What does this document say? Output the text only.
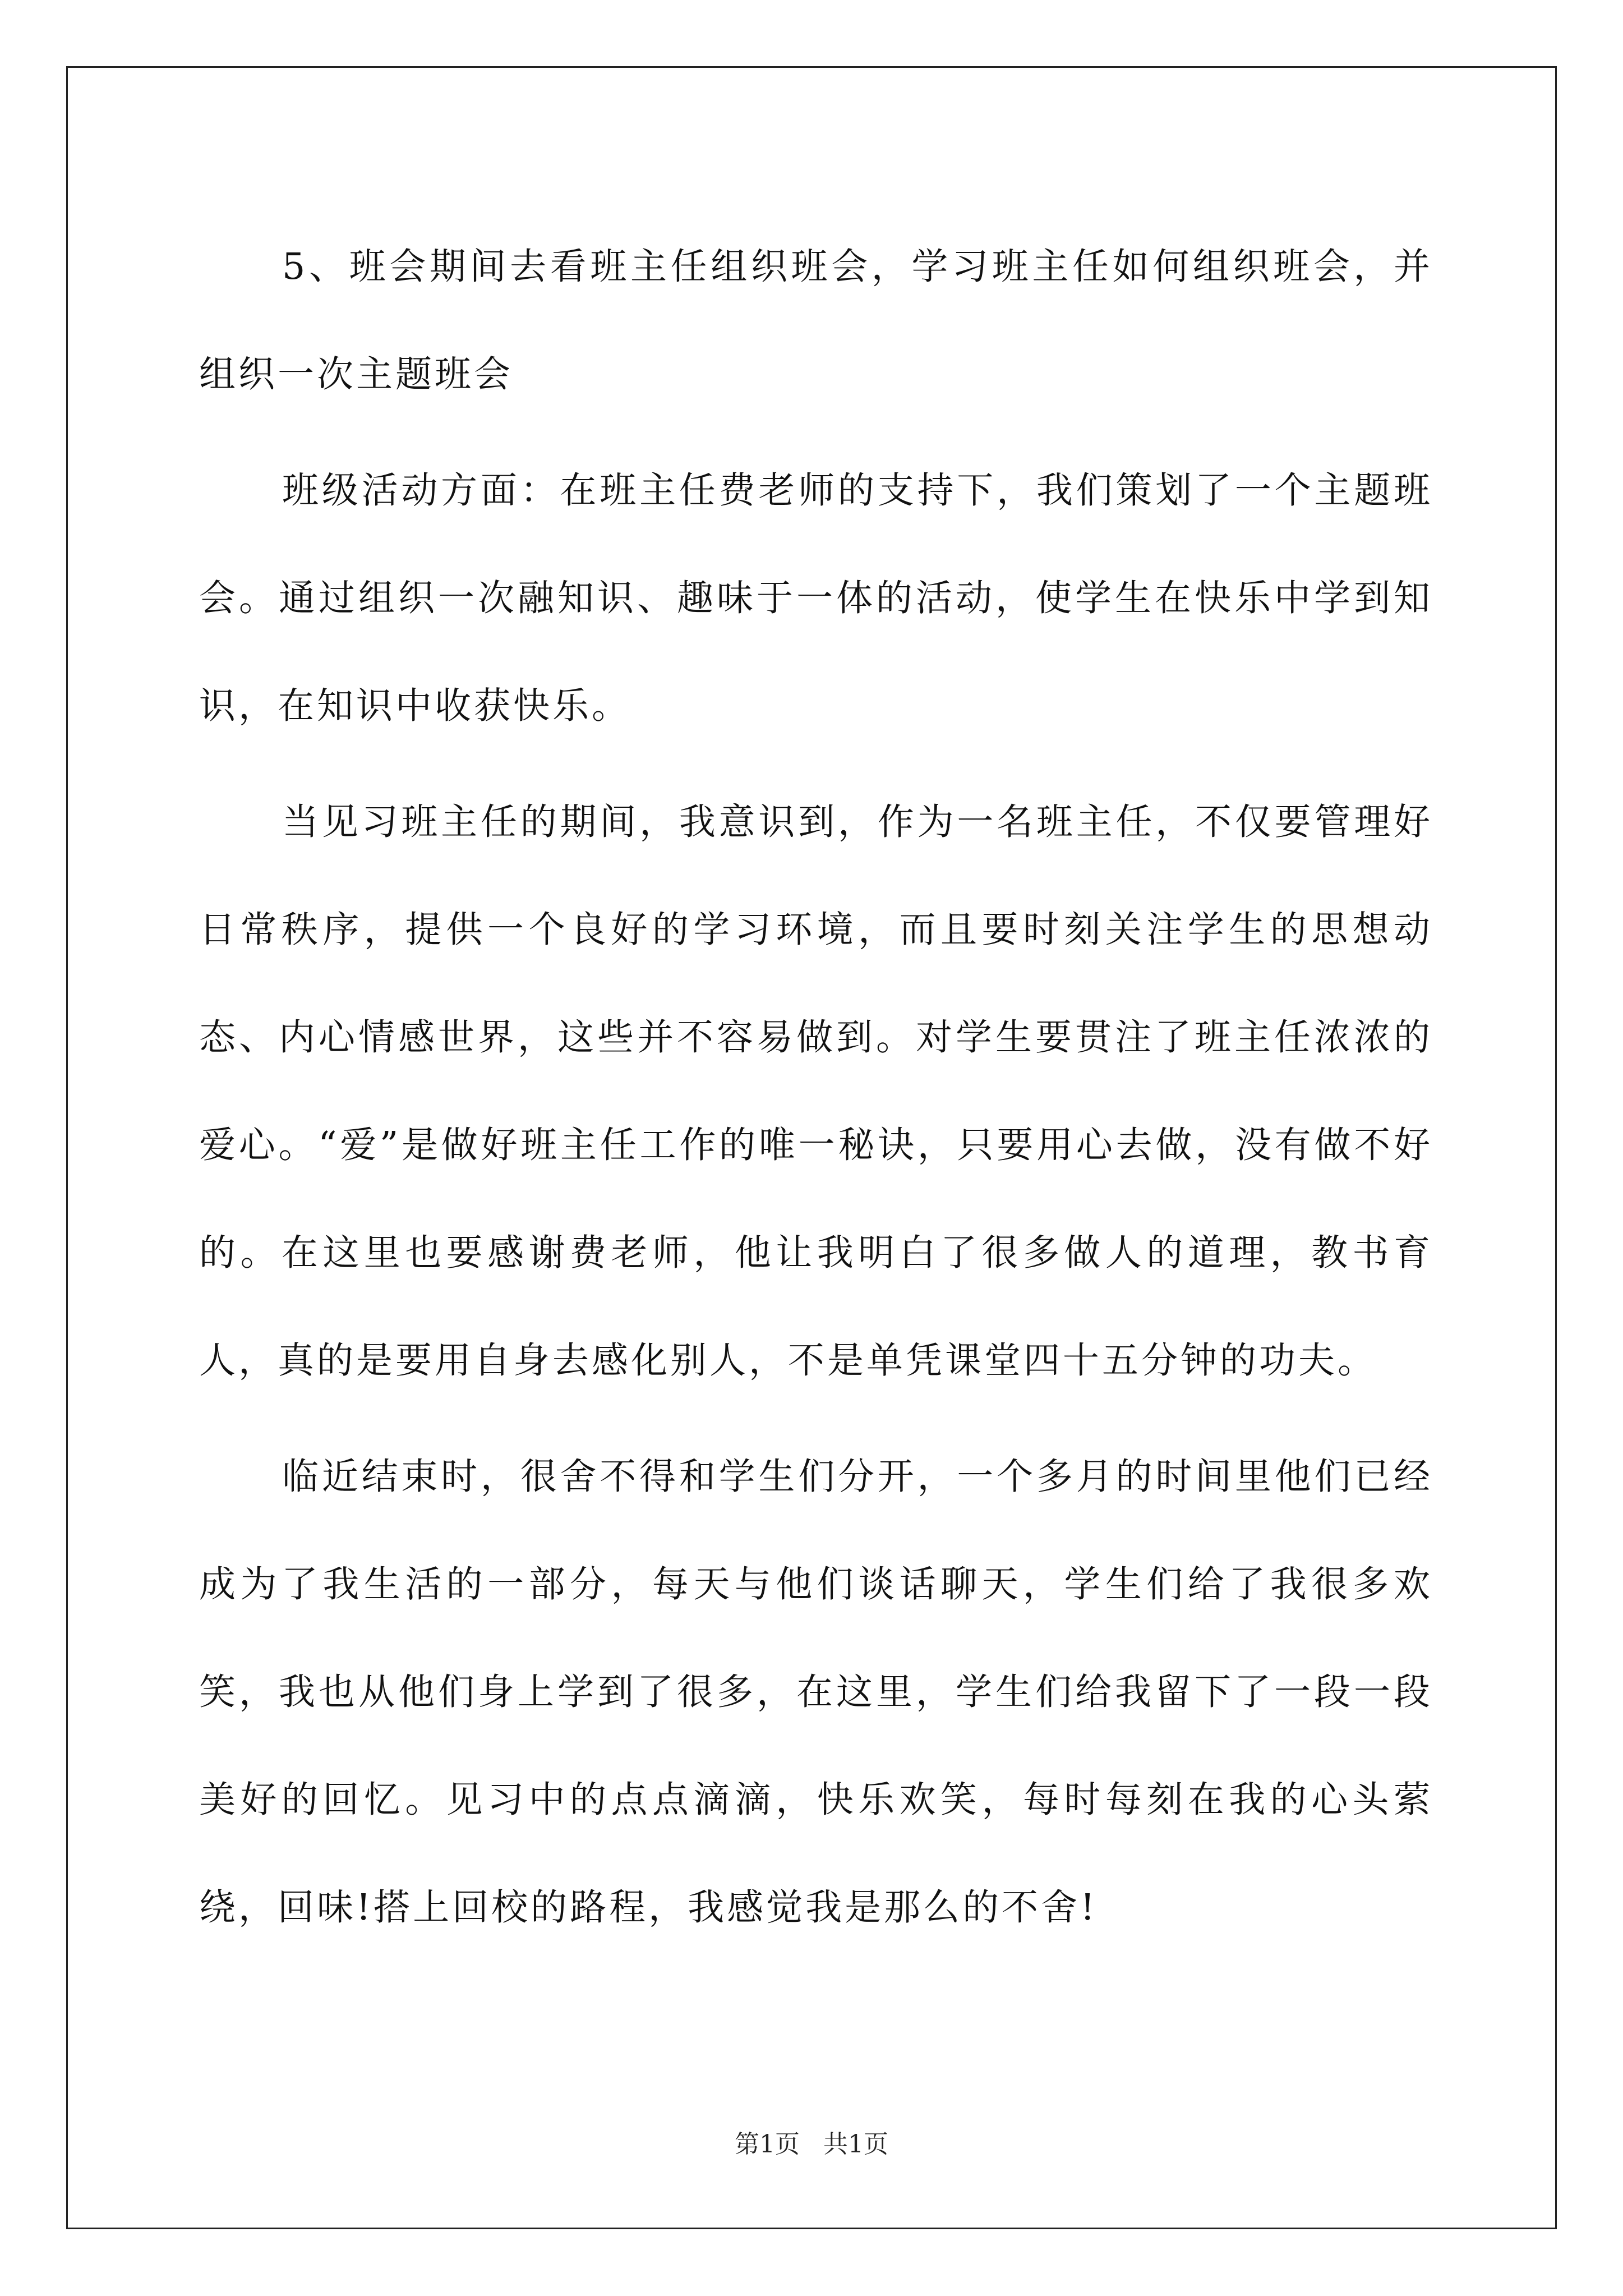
5、班会期间去看班主任组织班会，学习班主任如何组织班会，并组织一次主题班会

班级活动方面：在班主任费老师的支持下，我们策划了一个主题班会。通过组织一次融知识、趣味于一体的活动，使学生在快乐中学到知识，在知识中收获快乐。

当见习班主任的期间，我意识到，作为一名班主任，不仅要管理好日常秩序，提供一个良好的学习环境，而且要时刻关注学生的思想动态、内心情感世界，这些并不容易做到。对学生要贯注了班主任浓浓的爱心。“爱”是做好班主任工作的唯一秘诀，只要用心去做，没有做不好的。在这里也要感谢费老师，他让我明白了很多做人的道理，教书育人，真的是要用自身去感化别人，不是单凭课堂四十五分钟的功夫。

临近结束时，很舍不得和学生们分开，一个多月的时间里他们已经成为了我生活的一部分，每天与他们谈话聊天，学生们给了我很多欢笑，我也从他们身上学到了很多，在这里，学生们给我留下了一段一段美好的回忆。见习中的点点滴滴，快乐欢笑，每时每刻在我的心头萦绕，回味!搭上回校的路程，我感觉我是那么的不舍!

第1页   共1页
